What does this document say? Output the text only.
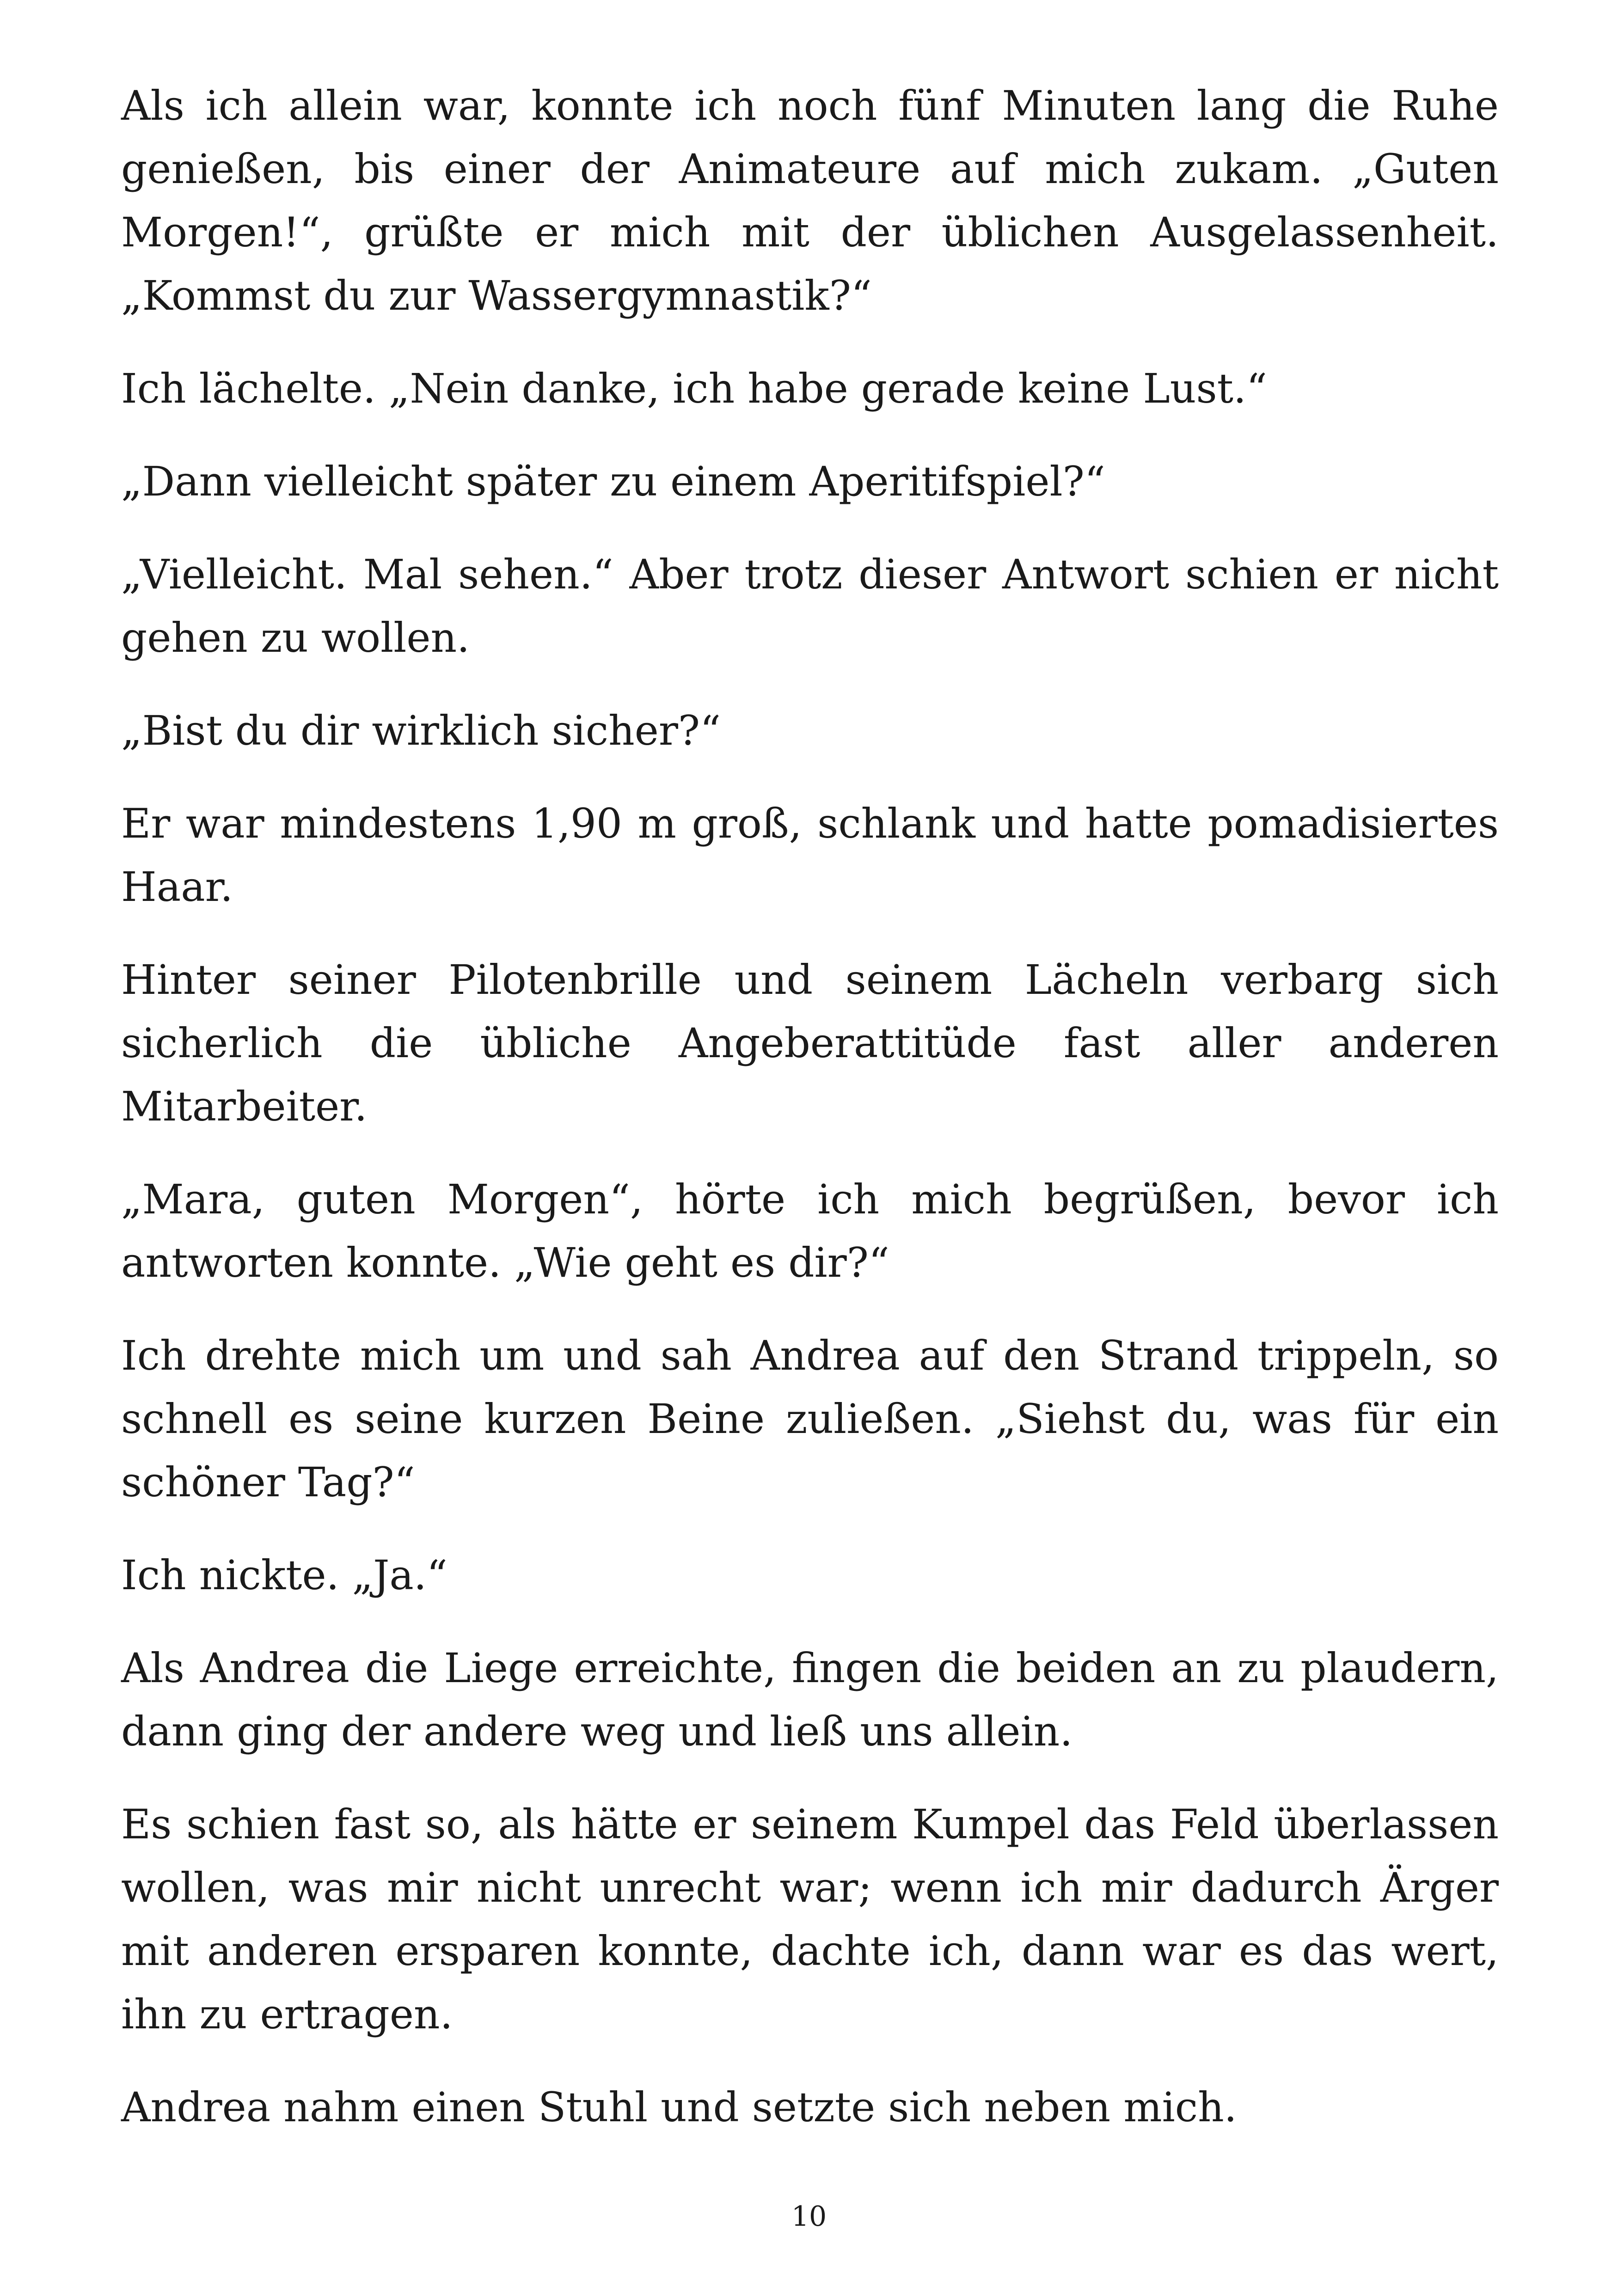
Als ich allein war, konnte ich noch fünf Minuten lang die Ruhe genießen, bis einer der Animateure auf mich zukam. „Guten Morgen!“, grüßte er mich mit der üblichen Ausgelassenheit. „Kommst du zur Wassergymnastik?“

Ich lächelte. „Nein danke, ich habe gerade keine Lust.“

„Dann vielleicht später zu einem Aperitifspiel?“

„Vielleicht. Mal sehen.“ Aber trotz dieser Antwort schien er nicht gehen zu wollen.

„Bist du dir wirklich sicher?“

Er war mindestens 1,90 m groß, schlank und hatte pomadisiertes Haar.

Hinter seiner Pilotenbrille und seinem Lächeln verbarg sich sicherlich die übliche Angeberattitüde fast aller anderen Mitarbeiter.

„Mara, guten Morgen“, hörte ich mich begrüßen, bevor ich antworten konnte. „Wie geht es dir?“

Ich drehte mich um und sah Andrea auf den Strand trippeln, so schnell es seine kurzen Beine zuließen. „Siehst du, was für ein schöner Tag?“

Ich nickte. „Ja.“

Als Andrea die Liege erreichte, fingen die beiden an zu plaudern, dann ging der andere weg und ließ uns allein.

Es schien fast so, als hätte er seinem Kumpel das Feld überlassen wollen, was mir nicht unrecht war; wenn ich mir dadurch Ärger mit anderen ersparen konnte, dachte ich, dann war es das wert, ihn zu ertragen.

Andrea nahm einen Stuhl und setzte sich neben mich.

10
